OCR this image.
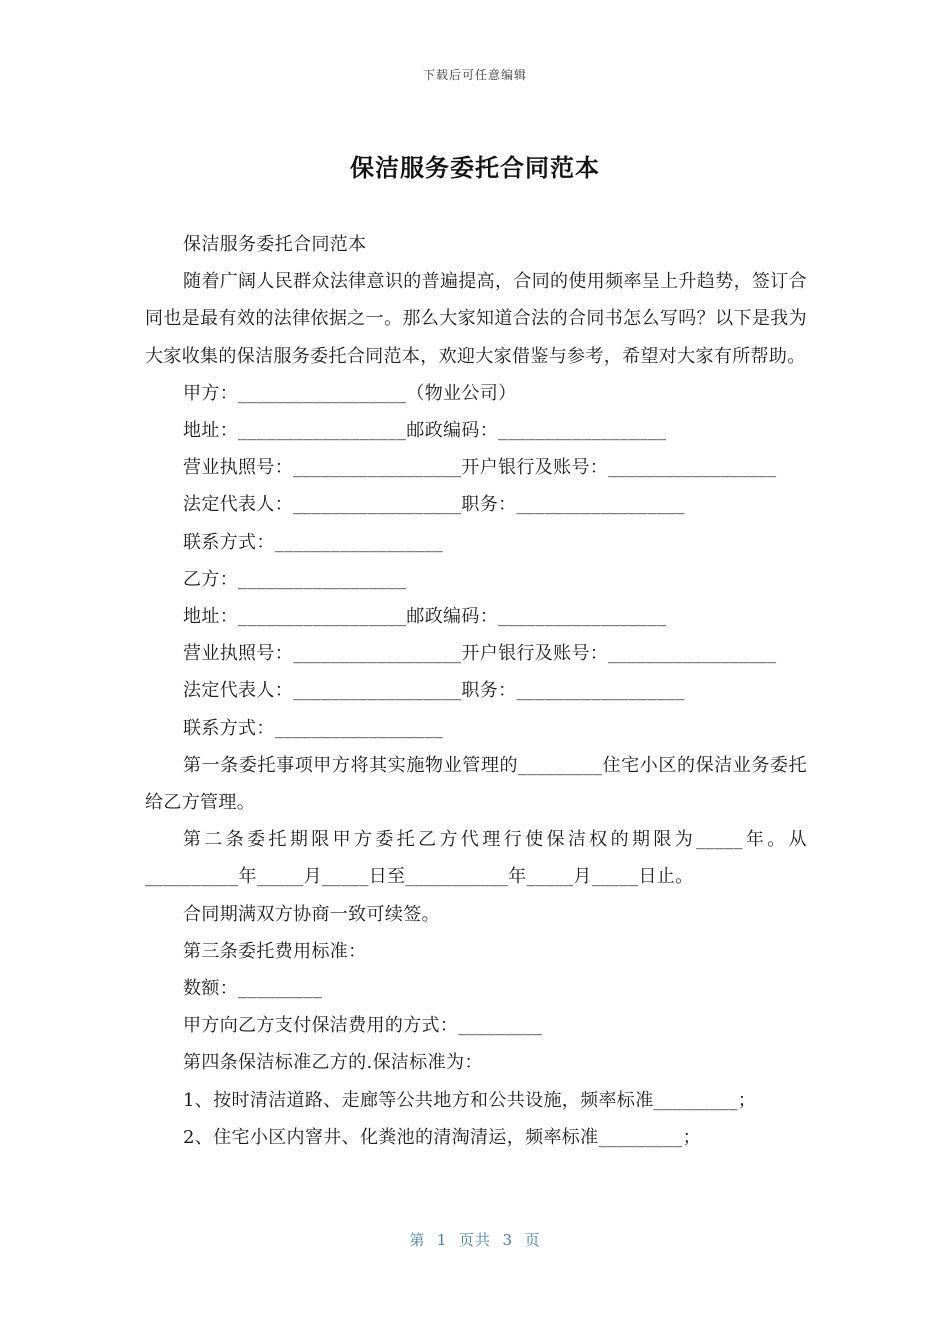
下载后可任意编辑
保洁服务委托合同范本

保洁服务委托合同范本

随着广阔人民群众法律意识的普遍提高，合同的使用频率呈上升趋势，签订合同也是最有效的法律依据之一。那么大家知道合法的合同书怎么写吗？以下是我为大家收集的保洁服务委托合同范本，欢迎大家借鉴与参考，希望对大家有所帮助。

甲方：__________________（物业公司）

地址：__________________邮政编码：__________________

营业执照号：__________________开户银行及账号：__________________

法定代表人：__________________职务：__________________

联系方式：__________________

乙方：__________________

地址：__________________邮政编码：__________________

营业执照号：__________________开户银行及账号：__________________

法定代表人：__________________职务：__________________

联系方式：__________________

第一条委托事项甲方将其实施物业管理的_________住宅小区的保洁业务委托给乙方管理。

第二条委托期限甲方委托乙方代理行使保洁权的期限为_____年。从__________年_____月_____日至___________年_____月_____日止。

合同期满双方协商一致可续签。

第三条委托费用标准：

数额：_________

甲方向乙方支付保洁费用的方式：_________

第四条保洁标准乙方的.保洁标准为：

1、按时清洁道路、走廊等公共地方和公共设施，频率标准_________；

2、住宅小区内窨井、化粪池的清淘清运，频率标准_________；

第  1  页共  3  页
